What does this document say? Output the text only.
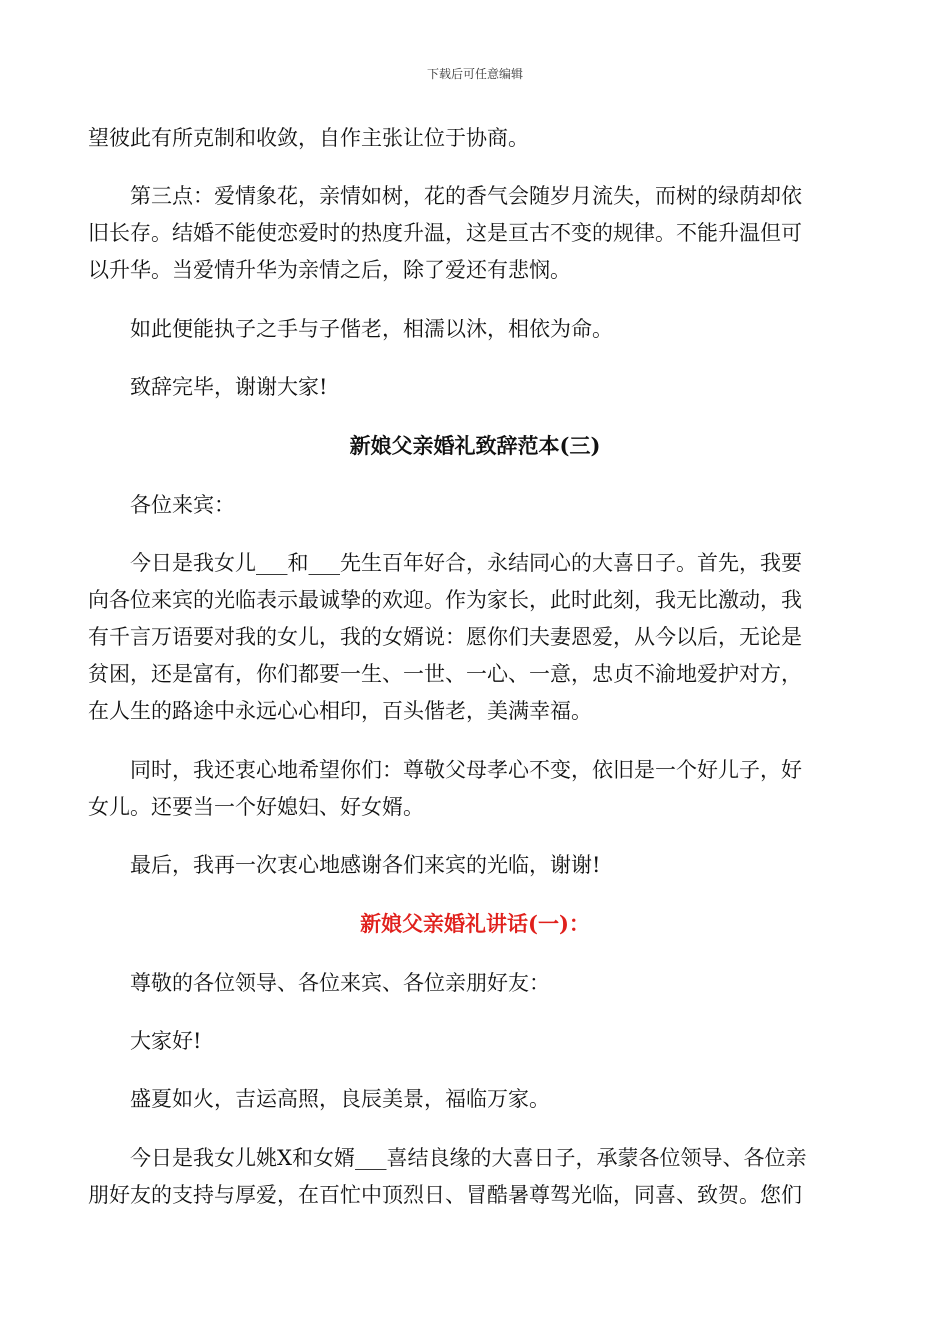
下载后可任意编辑
望彼此有所克制和收敛，自作主张让位于协商。
　　第三点：爱情象花，亲情如树，花的香气会随岁月流失，而树的绿荫却依
旧长存。结婚不能使恋爱时的热度升温，这是亘古不变的规律。不能升温但可
以升华。当爱情升华为亲情之后，除了爱还有悲悯。
　　如此便能执子之手与子偕老，相濡以沐，相依为命。
　　致辞完毕，谢谢大家!
新娘父亲婚礼致辞范本(三)
　　各位来宾：
　　今日是我女儿___和___先生百年好合，永结同心的大喜日子。首先，我要
向各位来宾的光临表示最诚挚的欢迎。作为家长，此时此刻，我无比激动，我
有千言万语要对我的女儿，我的女婿说：愿你们夫妻恩爱，从今以后，无论是
贫困，还是富有，你们都要一生、一世、一心、一意，忠贞不渝地爱护对方，
在人生的路途中永远心心相印，百头偕老，美满幸福。
　　同时，我还衷心地希望你们：尊敬父母孝心不变，依旧是一个好儿子，好
女儿。还要当一个好媳妇、好女婿。
　　最后，我再一次衷心地感谢各们来宾的光临，谢谢!
新娘父亲婚礼讲话(一)：
　　尊敬的各位领导、各位来宾、各位亲朋好友：
　　大家好!
　　盛夏如火，吉运高照，良辰美景，福临万家。
　　今日是我女儿姚X和女婿___喜结良缘的大喜日子，承蒙各位领导、各位亲
朋好友的支持与厚爱，在百忙中顶烈日、冒酷暑尊驾光临，同喜、致贺。您们
